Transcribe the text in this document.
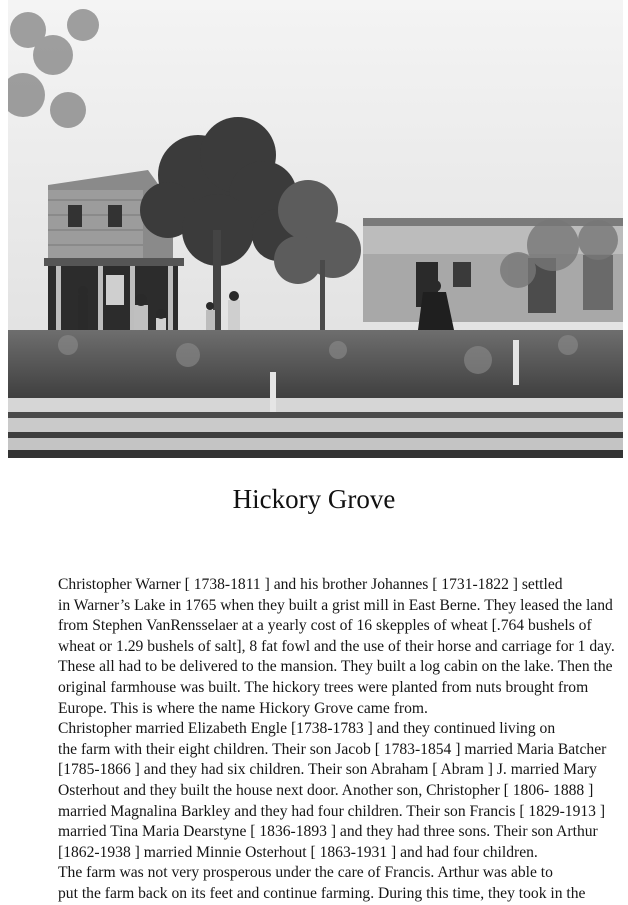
Hickory Grove

Christopher Warner [ 1738-1811 ] and his brother Johannes [ 1731-1822 ] settled
in Warner’s Lake in 1765 when they built a grist mill in East Berne. They leased the land
from Stephen VanRensselaer at a yearly cost of 16 skepples of wheat [.764 bushels of
wheat or 1.29 bushels of salt], 8 fat fowl and the use of their horse and carriage for 1 day.
These all had to be delivered to the mansion. They built a log cabin on the lake. Then the
original farmhouse was built. The hickory trees were planted from nuts brought from
Europe. This is where the name Hickory Grove came from.

Christopher married Elizabeth Engle [1738-1783 ] and they continued living on
the farm with their eight children. Their son Jacob [ 1783-1854 ] married Maria Batcher
[1785-1866 ] and they had six children. Their son Abraham [ Abram ] J. married Mary
Osterhout and they built the house next door. Another son, Christopher [ 1806- 1888 ]
married Magnalina Barkley and they had four children. Their son Francis [ 1829-1913 ]
married Tina Maria Dearstyne [ 1836-1893 ] and they had three sons. Their son Arthur
[1862-1938 ] married Minnie Osterhout [ 1863-1931 ] and had four children.

The farm was not very prosperous under the care of Francis. Arthur was able to
put the farm back on its feet and continue farming. During this time, they took in the
